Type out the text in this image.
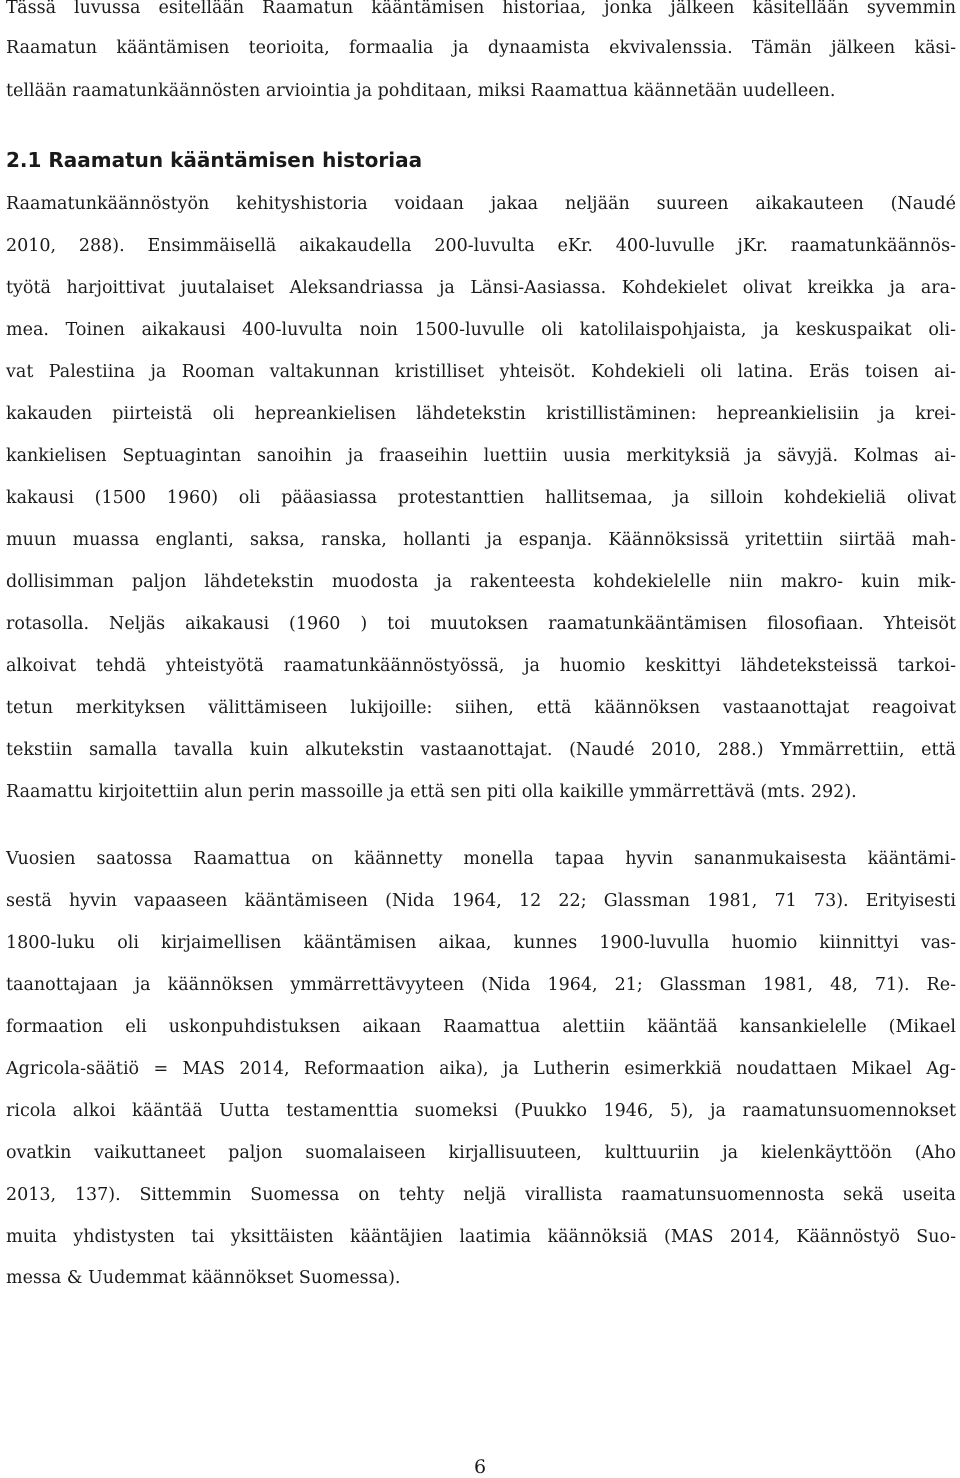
Tässä luvussa esitellään Raamatun kääntämisen historiaa, jonka jälkeen käsitellään syvemmin
Raamatun kääntämisen teorioita, formaalia ja dynaamista ekvivalenssia. Tämän jälkeen käsi-
tellään raamatunkäännösten arviointia ja pohditaan, miksi Raamattua käännetään uudelleen.
2.1 Raamatun kääntämisen historiaa
Raamatunkäännöstyön kehityshistoria voidaan jakaa neljään suureen aikakauteen (Naudé
2010, 288). Ensimmäisellä aikakaudella 200-luvulta eKr. 400-luvulle jKr. raamatunkäännös-
työtä harjoittivat juutalaiset Aleksandriassa ja Länsi-Aasiassa. Kohdekielet olivat kreikka ja ara-
mea. Toinen aikakausi 400-luvulta noin 1500-luvulle oli katolilaispohjaista, ja keskuspaikat oli-
vat Palestiina ja Rooman valtakunnan kristilliset yhteisöt. Kohdekieli oli latina. Eräs toisen ai-
kakauden piirteistä oli hepreankielisen lähdetekstin kristillistäminen: hepreankielisiin ja krei-
kankielisen Septuagintan sanoihin ja fraaseihin luettiin uusia merkityksiä ja sävyjä. Kolmas ai-
kakausi (1500 1960) oli pääasiassa protestanttien hallitsemaa, ja silloin kohdekieliä olivat
muun muassa englanti, saksa, ranska, hollanti ja espanja. Käännöksissä yritettiin siirtää mah-
dollisimman paljon lähdetekstin muodosta ja rakenteesta kohdekielelle niin makro- kuin mik-
rotasolla. Neljäs aikakausi (1960 ) toi muutoksen raamatunkääntämisen filosofiaan. Yhteisöt
alkoivat tehdä yhteistyötä raamatunkäännöstyössä, ja huomio keskittyi lähdeteksteissä tarkoi-
tetun merkityksen välittämiseen lukijoille: siihen, että käännöksen vastaanottajat reagoivat
tekstiin samalla tavalla kuin alkutekstin vastaanottajat. (Naudé 2010, 288.) Ymmärrettiin, että
Raamattu kirjoitettiin alun perin massoille ja että sen piti olla kaikille ymmärrettävä (mts. 292).
Vuosien saatossa Raamattua on käännetty monella tapaa hyvin sananmukaisesta kääntämi-
sestä hyvin vapaaseen kääntämiseen (Nida 1964, 12 22; Glassman 1981, 71 73). Erityisesti
1800-luku oli kirjaimellisen kääntämisen aikaa, kunnes 1900-luvulla huomio kiinnittyi vas-
taanottajaan ja käännöksen ymmärrettävyyteen (Nida 1964, 21; Glassman 1981, 48, 71). Re-
formaation eli uskonpuhdistuksen aikaan Raamattua alettiin kääntää kansankielelle (Mikael
Agricola-säätiö = MAS 2014, Reformaation aika), ja Lutherin esimerkkiä noudattaen Mikael Ag-
ricola alkoi kääntää Uutta testamenttia suomeksi (Puukko 1946, 5), ja raamatunsuomennokset
ovatkin vaikuttaneet paljon suomalaiseen kirjallisuuteen, kulttuuriin ja kielenkäyttöön (Aho
2013, 137). Sittemmin Suomessa on tehty neljä virallista raamatunsuomennosta sekä useita
muita yhdistysten tai yksittäisten kääntäjien laatimia käännöksiä (MAS 2014, Käännöstyö Suo-
messa & Uudemmat käännökset Suomessa).
6
